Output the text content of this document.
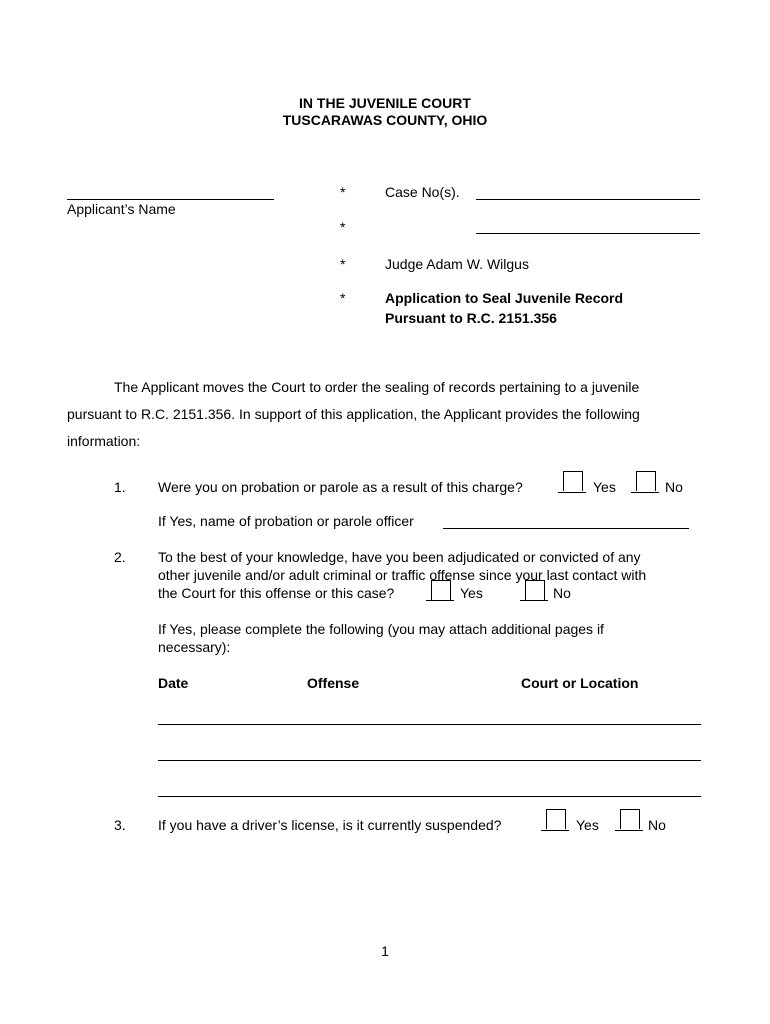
IN THE JUVENILE COURT
TUSCARAWAS COUNTY, OHIO
Applicant’s Name
*
*
*
*
Case No(s).
Judge Adam W. Wilgus
Application to Seal Juvenile Record
Pursuant to R.C. 2151.356
The Applicant moves the Court to order the sealing of records pertaining to a juvenile
pursuant to R.C. 2151.356. In support of this application, the Applicant provides the following
information:
1. Were you on probation or parole as a result of this charge?	Yes	No
If Yes, name of probation or parole officer
2. To the best of your knowledge, have you been adjudicated or convicted of any
other juvenile and/or adult criminal or traffic offense since your last contact with
the Court for this offense or this case?	Yes	No
If Yes, please complete the following (you may attach additional pages if
necessary):
Date	Offense	Court or Location
3. If you have a driver’s license, is it currently suspended?	Yes	No
1
